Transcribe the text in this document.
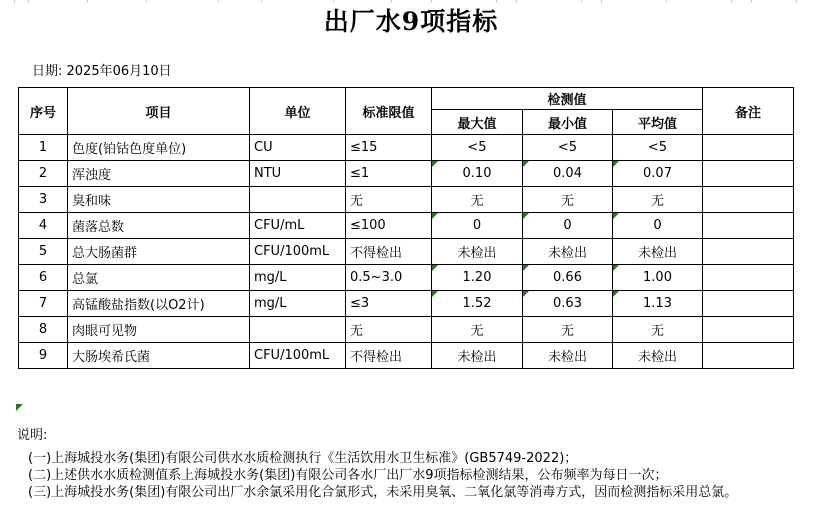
出厂水9项指标
日期: 2025年06月10日
序号	项目	单位	标准限值	检测值			备注
				最大值	最小值	平均值	
1	色度(铂钴色度单位)	CU	≤15	<5	<5	<5	
2	浑浊度	NTU	≤1	0.10	0.04	0.07	
3	臭和味		无	无	无	无	
4	菌落总数	CFU/mL	≤100	0	0	0	
5	总大肠菌群	CFU/100mL	不得检出	未检出	未检出	未检出	
6	总氯	mg/L	0.5~3.0	1.20	0.66	1.00	
7	高锰酸盐指数(以O2计)	mg/L	≤3	1.52	0.63	1.13	
8	肉眼可见物		无	无	无	无	
9	大肠埃希氏菌	CFU/100mL	不得检出	未检出	未检出	未检出	
说明:
(一)上海城投水务(集团)有限公司供水水质检测执行《生活饮用水卫生标准》(GB5749-2022)；
(二)上述供水水质检测值系上海城投水务(集团)有限公司各水厂出厂水9项指标检测结果，公布频率为每日一次；
(三)上海城投水务(集团)有限公司出厂水余氯采用化合氯形式，未采用臭氧、二氧化氯等消毒方式，因而检测指标采用总氯。
